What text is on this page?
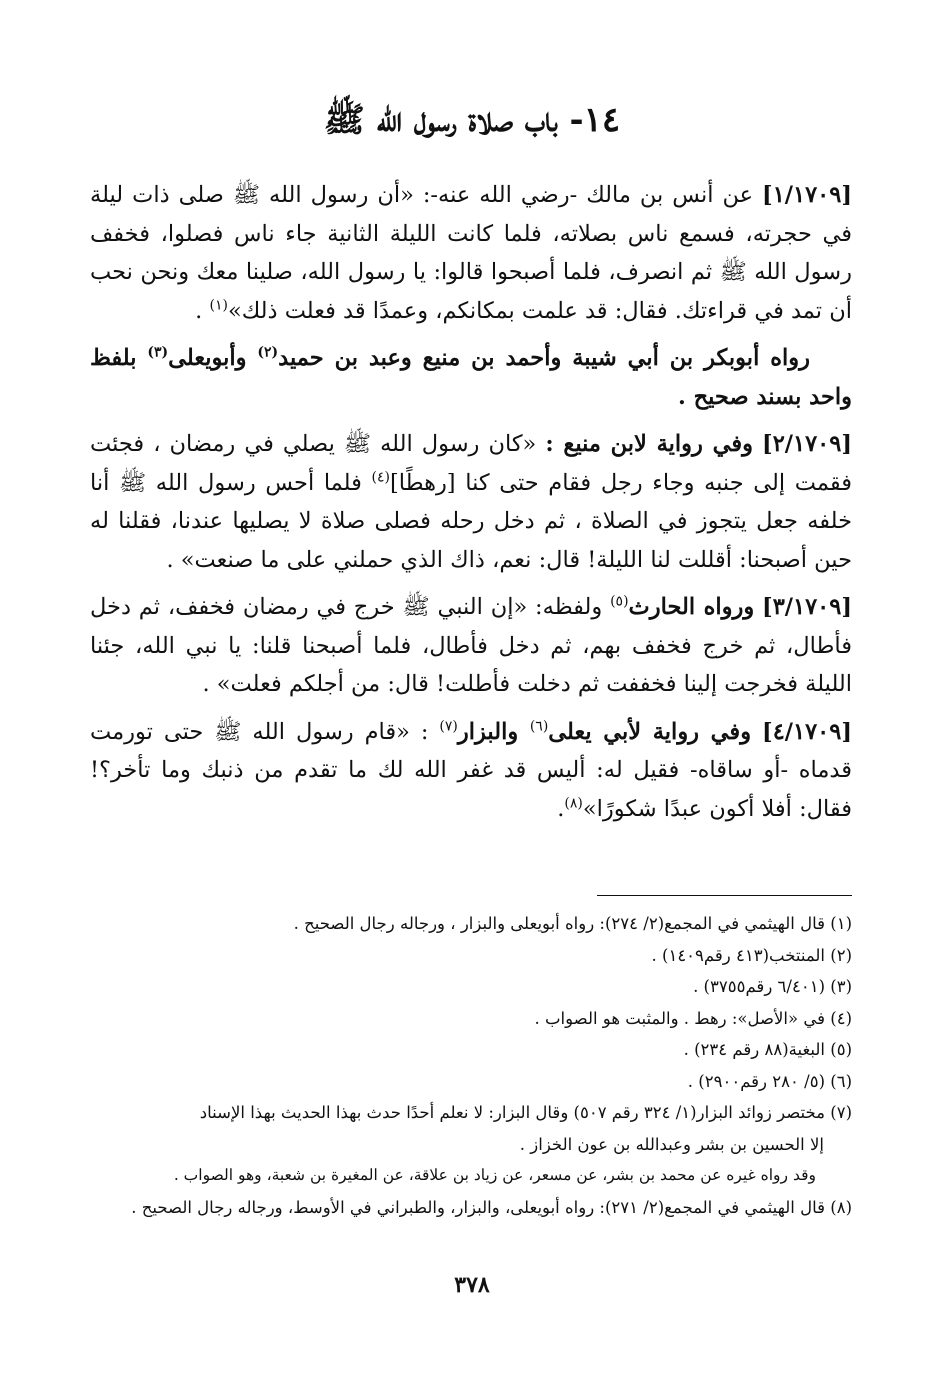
١٤- باب صلاة رسول الله ﷺ

[١/١٧٠٩] عن أنس بن مالك -رضي الله عنه-: «أن رسول الله ﷺ صلى ذات ليلة في حجرته، فسمع ناس بصلاته، فلما كانت الليلة الثانية جاء ناس فصلوا، فخفف رسول الله ﷺ ثم انصرف، فلما أصبحوا قالوا: يا رسول الله، صلينا معك ونحن نحب أن تمد في قراءتك. فقال: قد علمت بمكانكم، وعمدًا قد فعلت ذلك»$^{(١)}$ .

رواه أبوبكر بن أبي شيبة وأحمد بن منيع وعبد بن حميد$^{(٢)}$ وأبويعلى$^{(٣)}$ بلفظ واحد بسند صحيح .

[٢/١٧٠٩] وفي رواية لابن منيع : «كان رسول الله ﷺ يصلي في رمضان ، فجئت فقمت إلى جنبه وجاء رجل فقام حتى كنا [رهطًا]$^{(٤)}$ فلما أحس رسول الله ﷺ أنا خلفه جعل يتجوز في الصلاة ، ثم دخل رحله فصلى صلاة لا يصليها عندنا، فقلنا له حين أصبحنا: أقللت لنا الليلة! قال: نعم، ذاك الذي حملني على ما صنعت» .

[٣/١٧٠٩] ورواه الحارث$^{(٥)}$ ولفظه: «إن النبي ﷺ خرج في رمضان فخفف، ثم دخل فأطال، ثم خرج فخفف بهم، ثم دخل فأطال، فلما أصبحنا قلنا: يا نبي الله، جئنا الليلة فخرجت إلينا فخففت ثم دخلت فأطلت! قال: من أجلكم فعلت» .

[٤/١٧٠٩] وفي رواية لأبي يعلى$^{(٦)}$ والبزار$^{(٧)}$ : «قام رسول الله ﷺ حتى تورمت قدماه -أو ساقاه- فقيل له: أليس قد غفر الله لك ما تقدم من ذنبك وما تأخر؟! فقال: أفلا أكون عبدًا شكورًا»$^{(٨)}$.

(١) قال الهيثمي في المجمع(٢/ ٢٧٤): رواه أبويعلى والبزار ، ورجاله رجال الصحيح .
(٢) المنتخب(٤١٣ رقم١٤٠٩) .
(٣) (٦/٤٠١ رقم٣٧٥٥) .
(٤) في «الأصل»: رهط . والمثبت هو الصواب .
(٥) البغية(٨٨ رقم ٢٣٤) .
(٦) (٥/ ٢٨٠ رقم٢٩٠٠) .
(٧) مختصر زوائد البزار(١/ ٣٢٤ رقم ٥٠٧) وقال البزار: لا نعلم أحدًا حدث بهذا الحديث بهذا الإسناد
إلا الحسين بن بشر وعبدالله بن عون الخزاز .
وقد رواه غيره عن محمد بن بشر، عن مسعر، عن زياد بن علاقة، عن المغيرة بن شعبة، وهو الصواب .
(٨) قال الهيثمي في المجمع(٢/ ٢٧١): رواه أبويعلى، والبزار، والطبراني في الأوسط، ورجاله رجال الصحيح .
٣٧٨
